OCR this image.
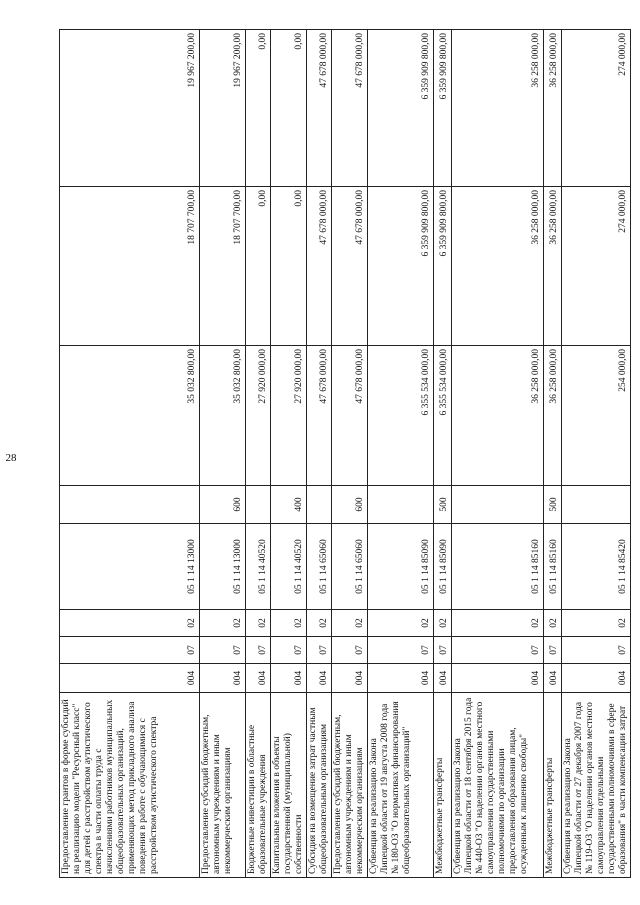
28
Предоставление грантов в форме субсидий на реализацию модели "Ресурсный класс" для детей с расстройством аутистического спектра в части оплаты труда с начислениями работников муниципальных общеобразовательных организаций, применяющих метод прикладного анализа поведения в работе с обучающимися с расстройством аутистического спектра	004	07	02	05 1 14 13000		35 032 800,00	18 707 700,00	19 967 200,00
Предоставление субсидий бюджетным, автономным учреждениям и иным некоммерческим организациям	004	07	02	05 1 14 13000	600	35 032 800,00	18 707 700,00	19 967 200,00
Бюджетные инвестиции в областные образовательные учреждения	004	07	02	05 1 14 40520		27 920 000,00	0,00	0,00
Капитальные вложения в объекты государственной (муниципальной) собственности	004	07	02	05 1 14 40520	400	27 920 000,00	0,00	0,00
Субсидия на возмещение затрат частным общеобразовательным организациям	004	07	02	05 1 14 65060		47 678 000,00	47 678 000,00	47 678 000,00
Предоставление субсидий бюджетным, автономным учреждениям и иным некоммерческим организациям	004	07	02	05 1 14 65060	600	47 678 000,00	47 678 000,00	47 678 000,00
Субвенция на реализацию Закона Липецкой области от 19 августа 2008 года № 180-ОЗ "О нормативах финансирования общеобразовательных организаций"	004	07	02	05 1 14 85090		6 355 534 000,00	6 359 909 800,00	6 359 909 800,00
Межбюджетные трансферты	004	07	02	05 1 14 85090	500	6 355 534 000,00	6 359 909 800,00	6 359 909 800,00
Субвенция на реализацию Закона Липецкой области от 18 сентября 2015 года № 440-ОЗ "О наделении органов местного самоуправления государственными полномочиями по организации предоставления образования лицам, осужденным к лишению свободы"	004	07	02	05 1 14 85160		36 258 000,00	36 258 000,00	36 258 000,00
Межбюджетные трансферты	004	07	02	05 1 14 85160	500	36 258 000,00	36 258 000,00	36 258 000,00
Субвенция на реализацию Закона Липецкой области от 27 декабря 2007 года № 119-ОЗ "О наделении органов местного самоуправления отдельными государственными полномочиями в сфере образования" в части компенсации затрат	004	07	02	05 1 14 85420		254 000,00	274 000,00	274 000,00
